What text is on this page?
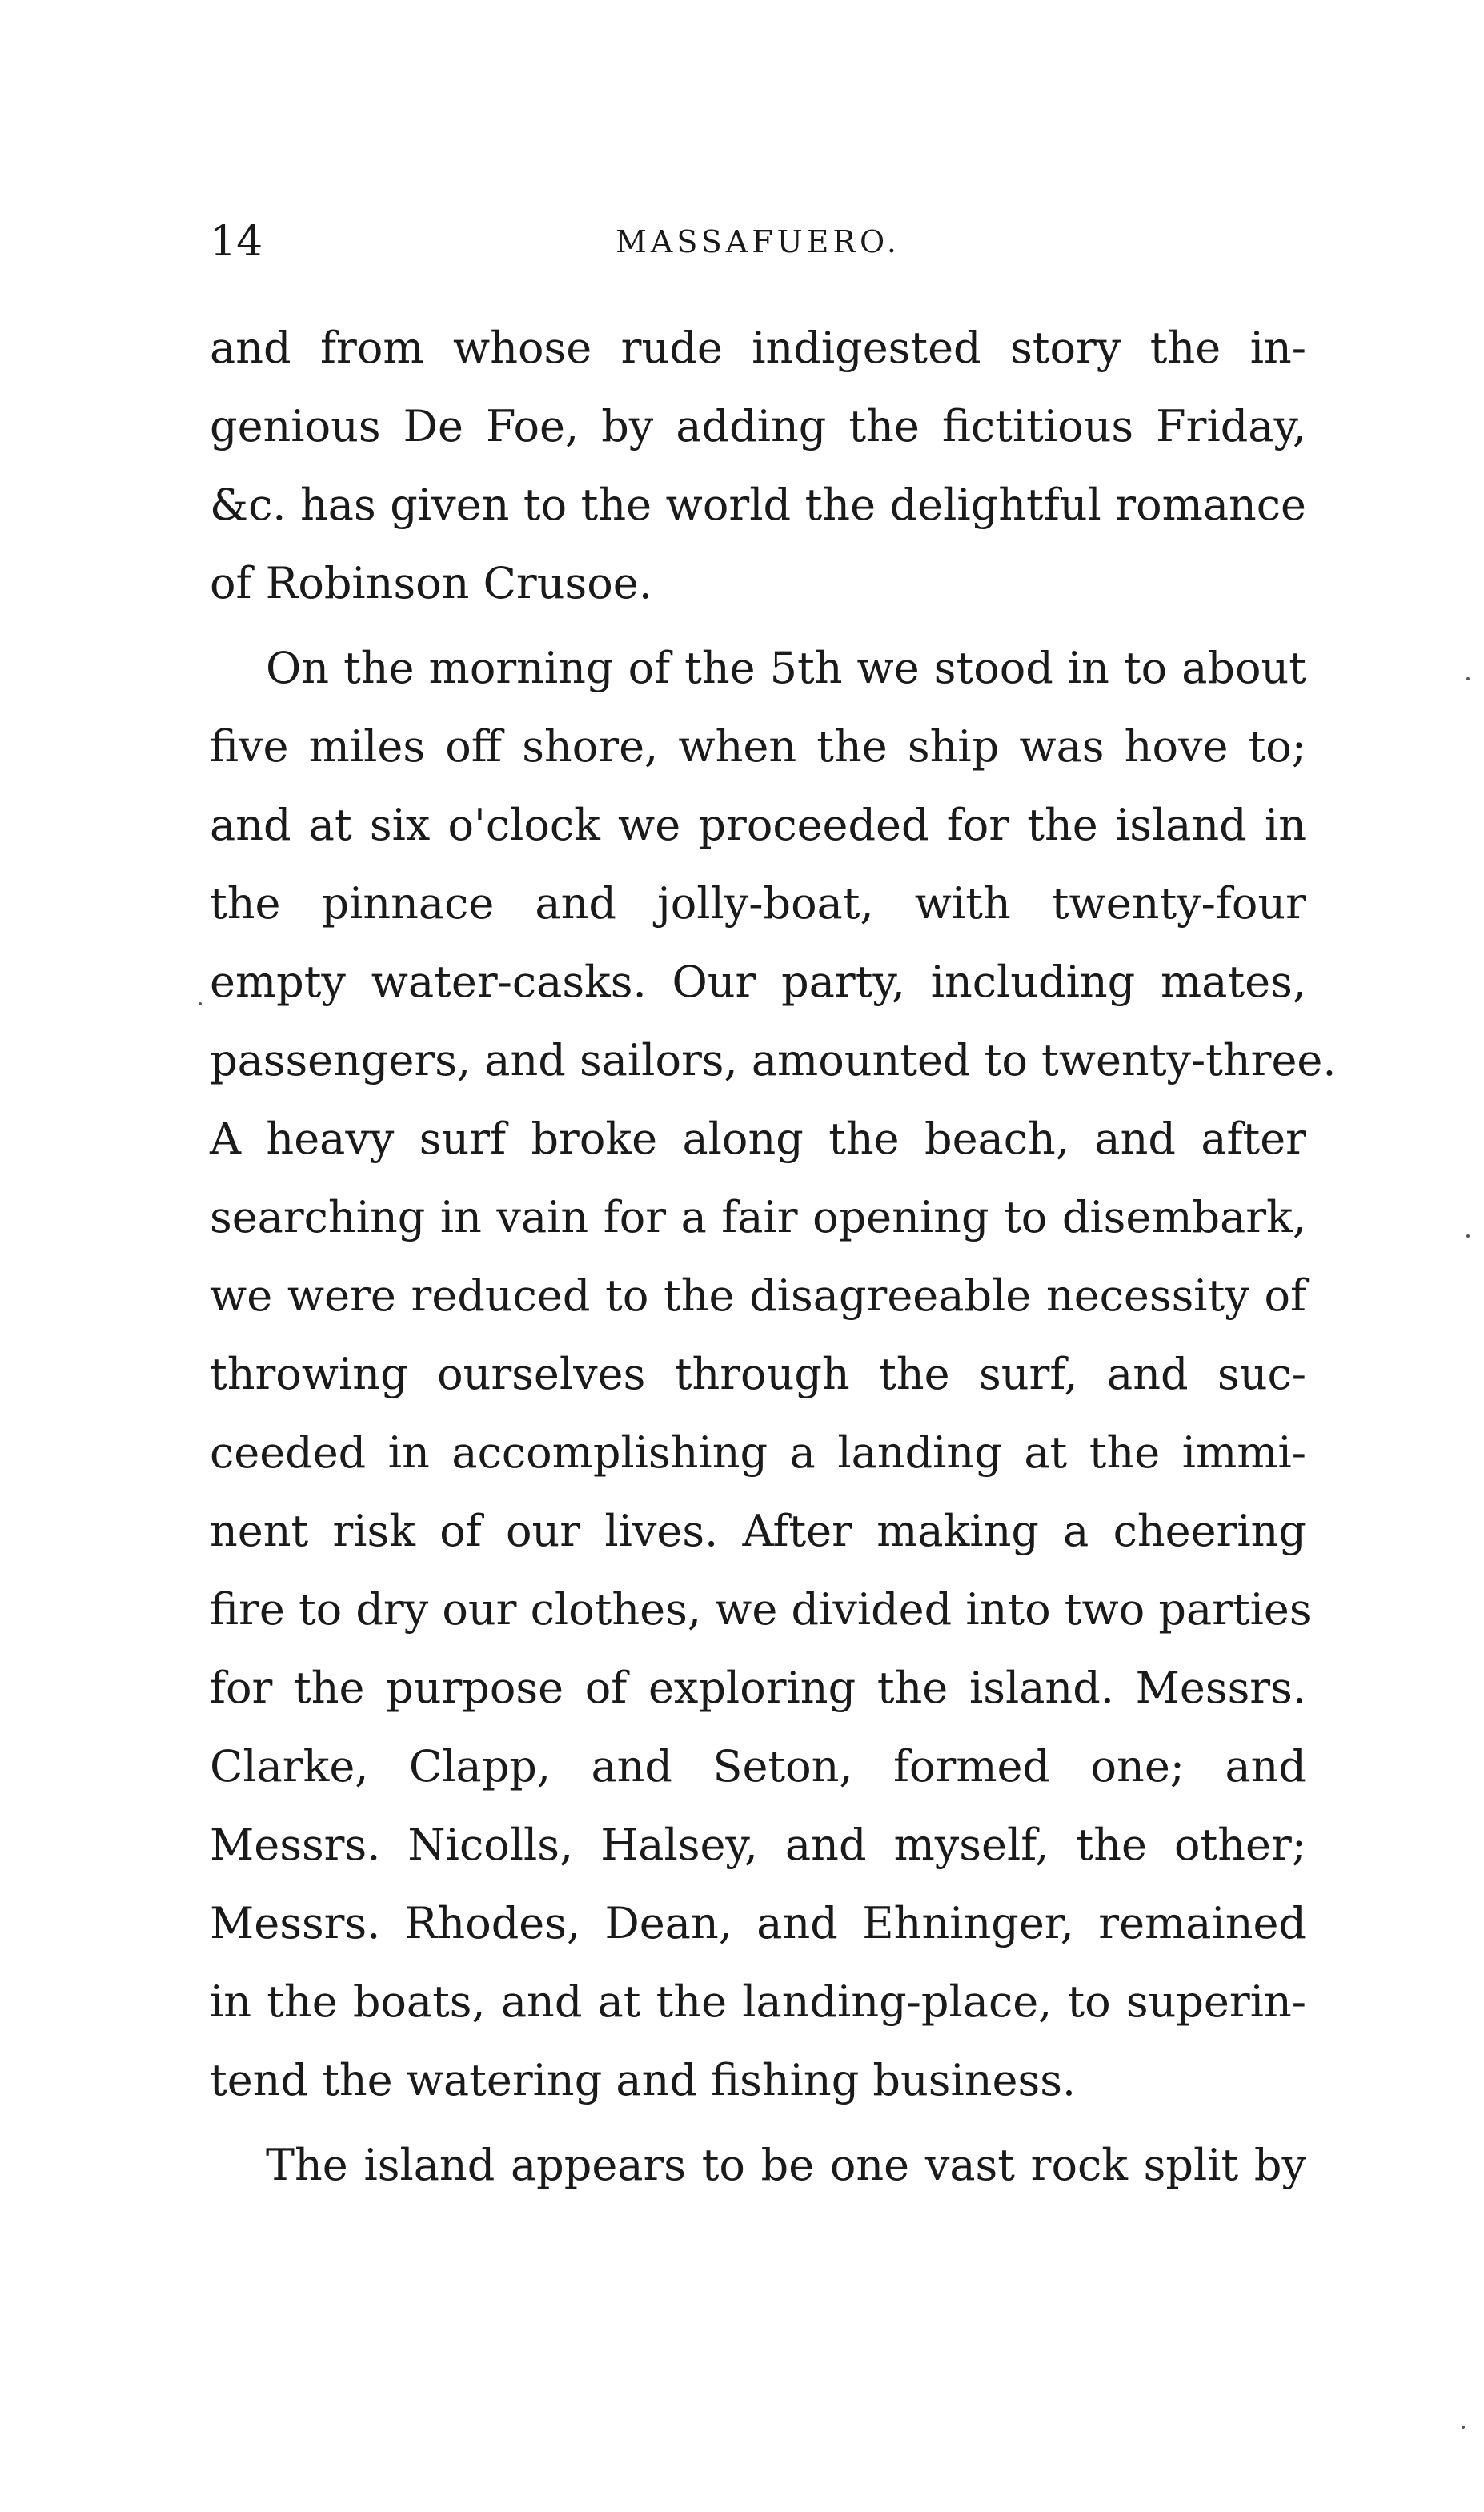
14	MASSAFUERO.
and from whose rude indigested story the in-
genious De Foe, by adding the fictitious Friday,
&c. has given to the world the delightful romance
of Robinson Crusoe.
On the morning of the 5th we stood in to about
five miles off shore, when the ship was hove to;
and at six o'clock we proceeded for the island in
the pinnace and jolly-boat, with twenty-four
empty water-casks. Our party, including mates,
passengers, and sailors, amounted to twenty-three.
A heavy surf broke along the beach, and after
searching in vain for a fair opening to disembark,
we were reduced to the disagreeable necessity of
throwing ourselves through the surf, and suc-
ceeded in accomplishing a landing at the immi-
nent risk of our lives. After making a cheering
fire to dry our clothes, we divided into two parties
for the purpose of exploring the island. Messrs.
Clarke, Clapp, and Seton, formed one; and
Messrs. Nicolls, Halsey, and myself, the other;
Messrs. Rhodes, Dean, and Ehninger, remained
in the boats, and at the landing-place, to superin-
tend the watering and fishing business.
The island appears to be one vast rock split by
